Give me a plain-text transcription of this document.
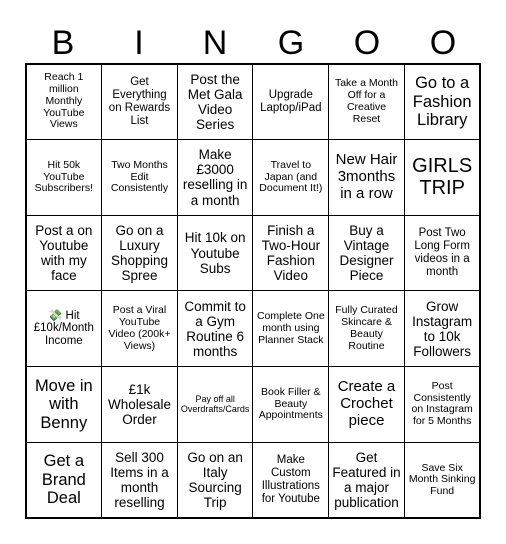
B	I	N	G	O	O
Reach 1 million Monthly YouTube Views
Get Everything on Rewards List
Post the Met Gala Video Series
Upgrade Laptop/iPad
Take a Month Off for a Creative Reset
Go to a Fashion Library
Hit 50k YouTube Subscribers!
Two Months Edit Consistently
Make £3000 reselling in a month
Travel to Japan (and Document It!)
New Hair 3months in a row
GIRLS TRIP
Post a on Youtube with my face
Go on a Luxury Shopping Spree
Hit 10k on Youtube Subs
Finish a Two-Hour Fashion Video
Buy a Vintage Designer Piece
Post Two Long Form videos in a month
💸 Hit £10k/Month Income
Post a Viral YouTube Video (200k+ Views)
Commit to a Gym Routine 6 months
Complete One month using Planner Stack
Fully Curated Skincare & Beauty Routine
Grow Instagram to 10k Followers
Move in with Benny
£1k Wholesale Order
Pay off all Overdrafts/Cards
Book Filler & Beauty Appointments
Create a Crochet piece
Post Consistently on Instagram for 5 Months
Get a Brand Deal
Sell 300 Items in a month reselling
Go on an Italy Sourcing Trip
Make Custom Illustrations for Youtube
Get Featured in a major publication
Save Six Month Sinking Fund
